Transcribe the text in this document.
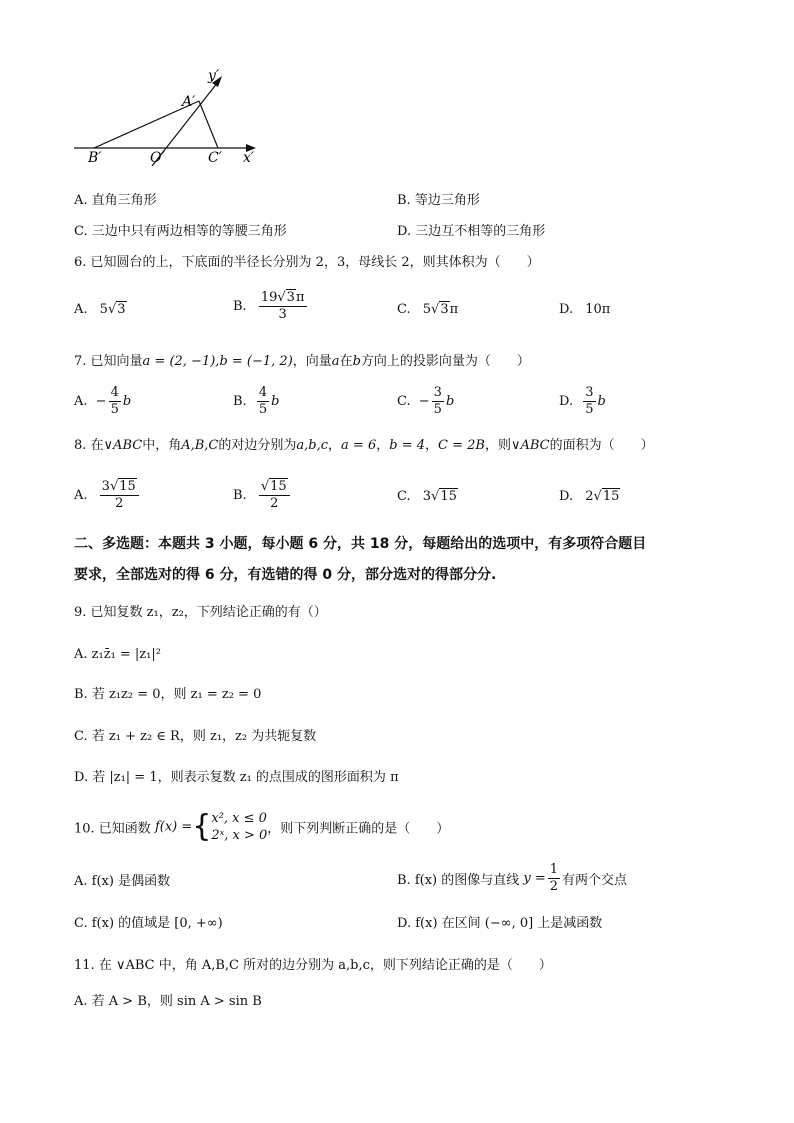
y′
A′
B′	O′	C′ x′
A. 直角三角形	B. 等边三角形
C. 三边中只有两边相等的等腰三角形	D. 三边互不相等的三角形
6. 已知圆台的上，下底面的半径长分别为 2，3，母线长 2，则其体积为（　　）
A. 5√3	B. $\frac{19√3\pi}{3}$	C. 5√3π	D. 10π
7. 已知向量a = (2, −1),b = (−1, 2)，向量a在b方向上的投影向量为（　　）
A. − $\frac{4}{5}$ b	B. $\frac{4}{5}$ b	C. − $\frac{3}{5}$ b	D. $\frac{3}{5}$ b
8. 在∨ABC中，角A,B,C的对边分别为a,b,c，a = 6，b = 4，C = 2B，则∨ABC的面积为（　　）
A. $\frac{3√15}{2}$	B. $\frac{√15}{2}$	C. 3√15	D. 2√15
二、多选题：本题共 3 小题，每小题 6 分，共 18 分，每题给出的选项中，有多项符合题目
要求，全部选对的得 6 分，有选错的得 0 分，部分选对的得部分分.
9. 已知复数 z₁，z₂，下列结论正确的有（）
A. z₁z̄₁ = |z₁|²
B. 若 z₁z₂ = 0，则 z₁ = z₂ = 0
C. 若 z₁ + z₂ ∈ R，则 z₁，z₂ 为共轭复数
D. 若 |z₁| = 1，则表示复数 z₁ 的点围成的图形面积为 π
10. 已知函数 f(x) ={ x², x ≤ 0
2ˣ, x > 0 ，则下列判断正确的是（　　）
A. f(x) 是偶函数	B. f(x) 的图像与直线 $y = \frac{1}{2}$ 有两个交点
C. f(x) 的值域是 [0, +∞)	D. f(x) 在区间 (−∞, 0] 上是减函数
11. 在 ∨ABC 中，角 A,B,C 所对的边分别为 a,b,c，则下列结论正确的是（　　）
A. 若 A > B，则 sin A > sin B
